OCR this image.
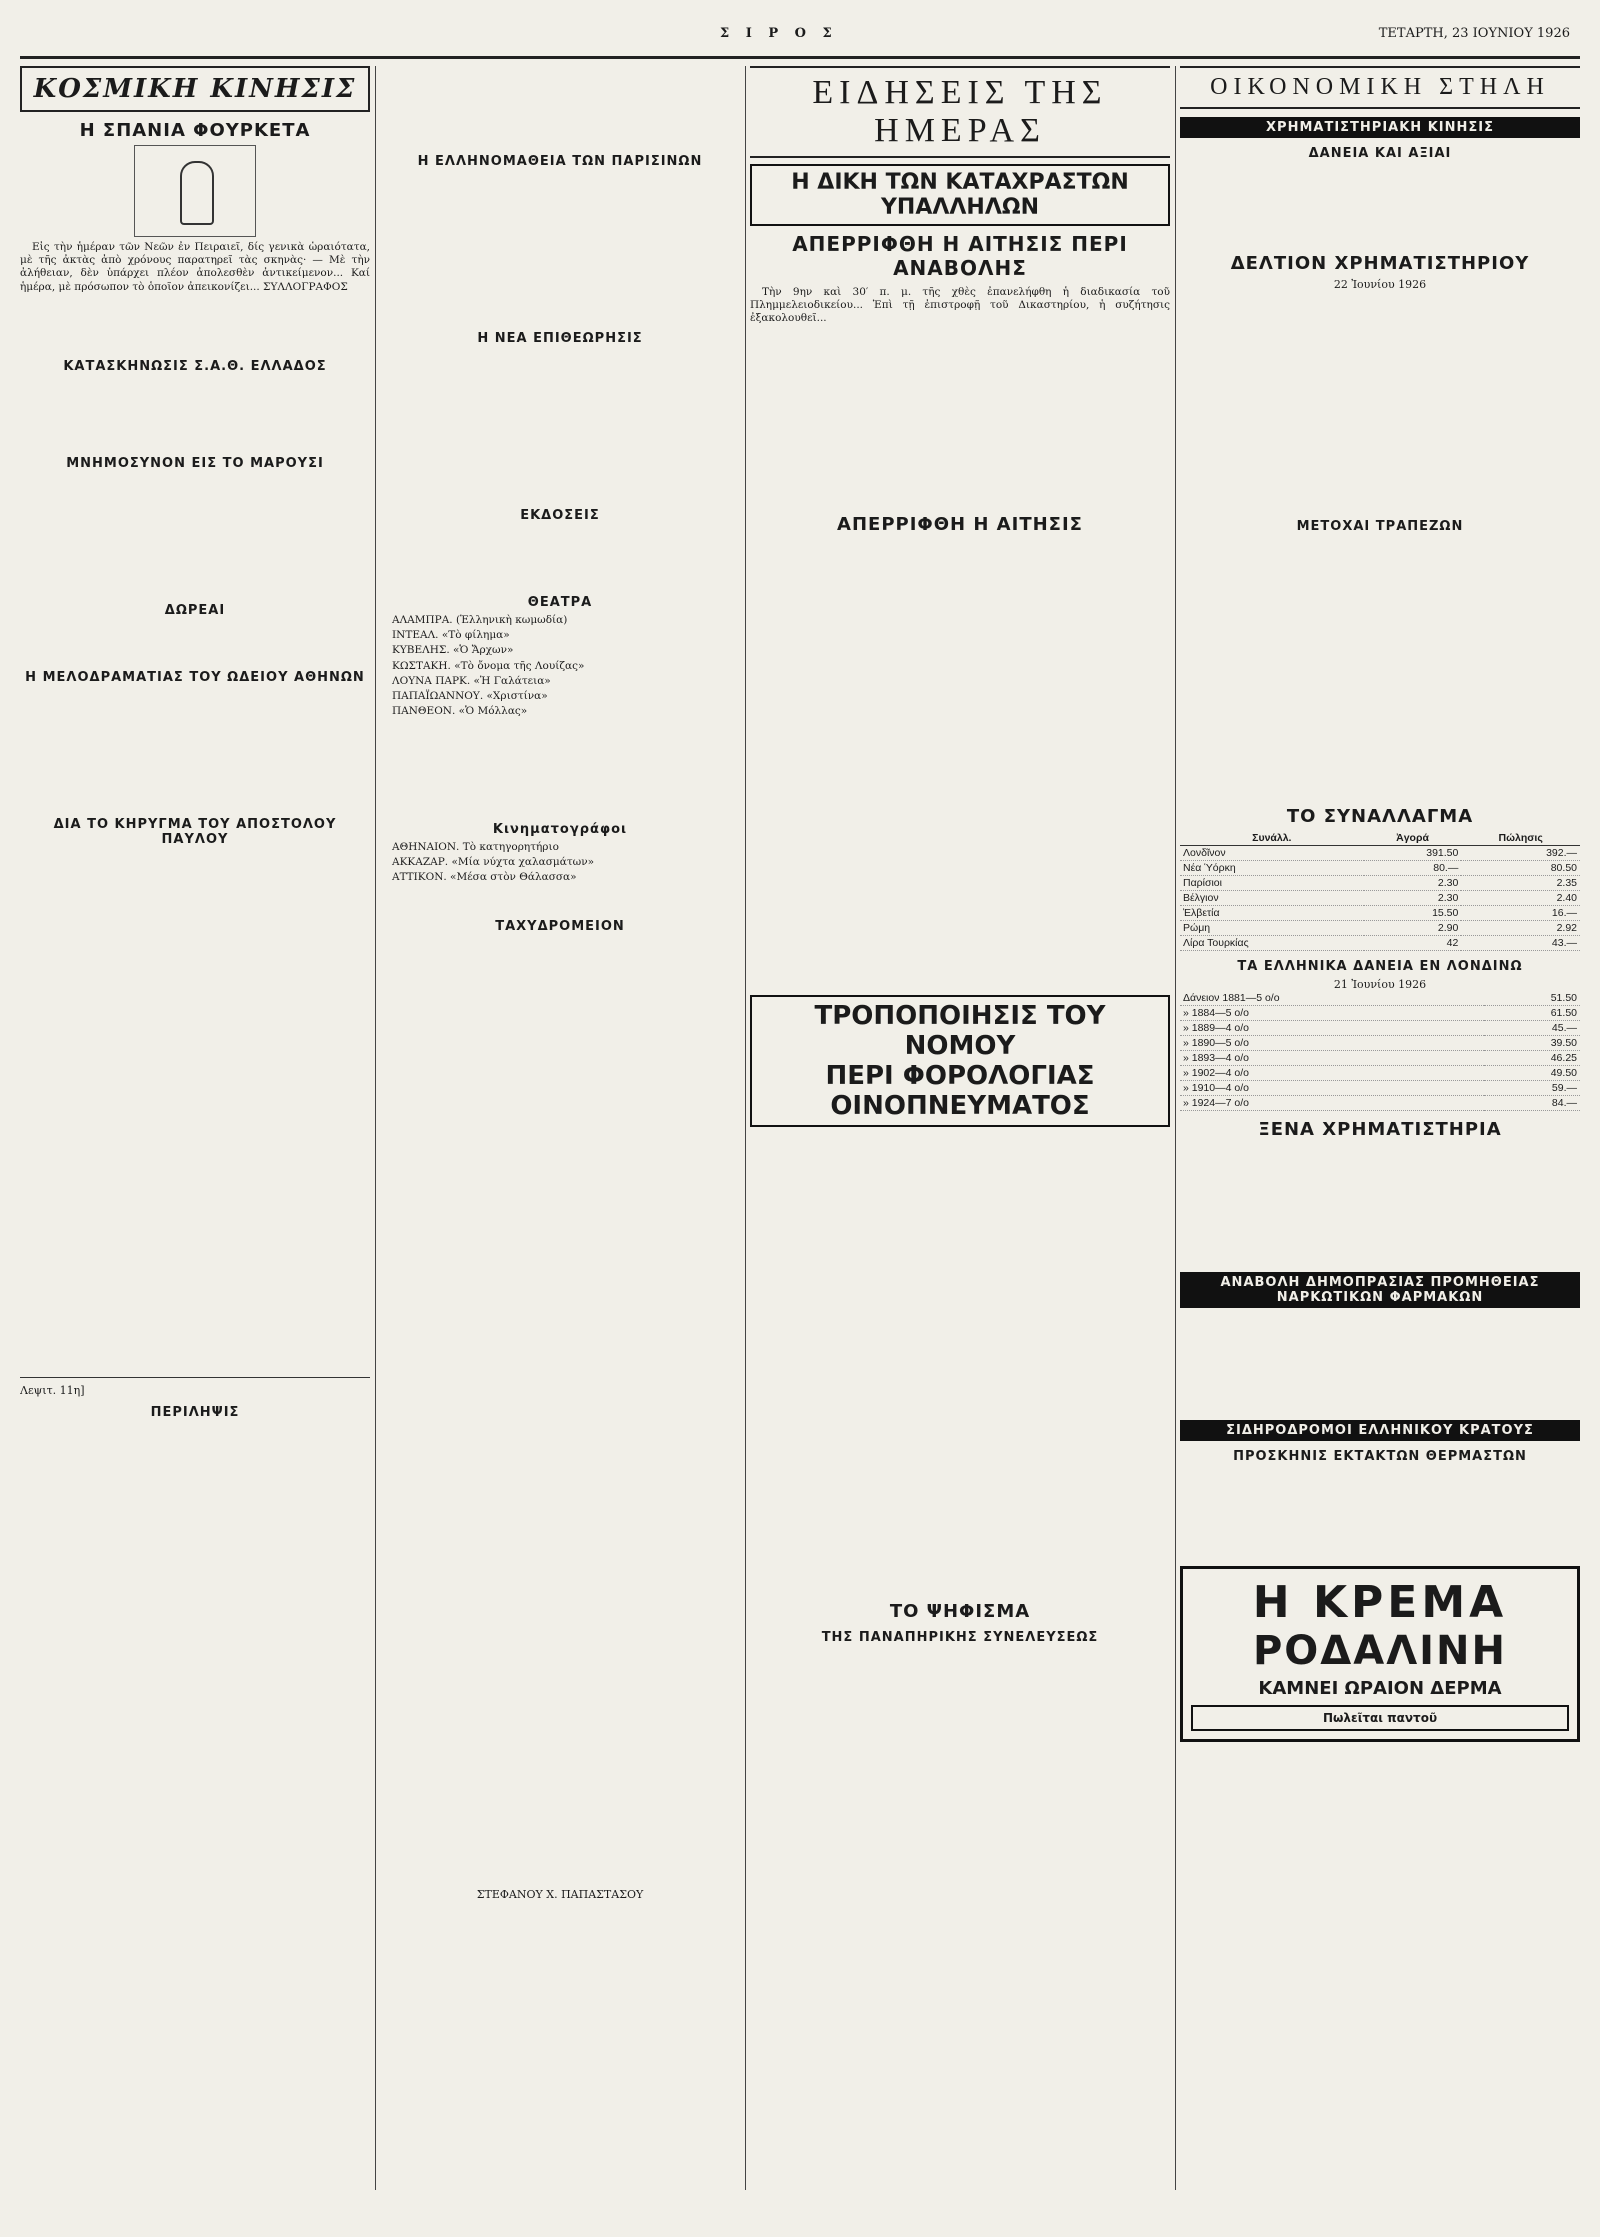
Σ Ι Ρ Ο Σ	ΤΕΤΑΡΤΗ, 23 ΙΟΥΝΙΟΥ 1926
ΚΟΣΜΙΚΗ ΚΙΝΗΣΙΣ
Η ΣΠΑΝΙΑ ΦΟΥΡΚΕΤΑ

Εἰς τὴν ἡμέραν τῶν Νεῶν ἐν Πειραιεῖ, δίς γενικὰ ὡραιότατα, μὲ τῆς ἀκτὰς ἀπὸ χρόνους παρατηρεῖ τὰς σκηνὰς· — Μὲ τὴν ἀλήθειαν, δὲν ὑπάρχει πλέον ἀπολεσθὲν ἀντικείμενον... Καί ἡμέρα, μὲ πρόσωπον τὸ ὁποῖον ἀπεικονίζει... ΣΥΛΛΟΓΡΑΦΟΣ

ΚΑΤΑΣΚΗΝΩΣΙΣ Σ.Α.Θ. ΕΛΛΑΔΟΣ
ΜΝΗΜΟΣΥΝΟΝ ΕΙΣ ΤΟ ΜΑΡΟΥΣΙ
ΔΩΡΕΑΙ
Η ΜΕΛΟΔΡΑΜΑΤΙΑΣ ΤΟΥ ΩΔΕΙΟΥ ΑΘΗΝΩΝ
ΔΙΑ ΤΟ ΚΗΡΥΓΜΑ ΤΟΥ ΑΠΟΣΤΟΛΟΥ ΠΑΥΛΟΥ
Λεψιτ. 11η]
ΠΕΡΙΛΗΨΙΣ
Η ΕΛΛΗΝΟΜΑΘΕΙΑ ΤΩΝ ΠΑΡΙΣΙΝΩΝ
Η ΝΕΑ ΕΠΙΘΕΩΡΗΣΙΣ
ΕΚΔΟΣΕΙΣ
ΘΕΑΤΡΑ

ΑΛΑΜΠΡΑ. (Ἑλληνικὴ κωμωδία)

ΙΝΤΕΑΛ. «Τὸ φίλημα»

ΚΥΒΕΛΗΣ. «Ὁ Ἄρχων»

ΚΩΣΤΑΚΗ. «Τὸ ὄνομα τῆς Λουίζας»

ΛΟΥΝΑ ΠΑΡΚ. «Ἡ Γαλάτεια»

ΠΑΠΑΪΩΑΝΝΟΥ. «Χριστίνα»

ΠΑΝΘΕΟΝ. «Ὁ Μόλλας»

Κινηματογράφοι

ΑΘΗΝΑΙΟΝ. Τὸ κατηγορητήριο

ΑΚΚΑΖΑΡ. «Μία νύχτα χαλασμάτων»

ΑΤΤΙΚΟΝ. «Μέσα στὸν Θάλασσα»

ΤΑΧΥΔΡΟΜΕΙΟΝ
ΣΤΕΦΑΝΟΥ Χ. ΠΑΠΑΣΤΑΣΟΥ
ΕΙΔΗΣΕΙΣ ΤΗΣ ΗΜΕΡΑΣ
Η ΔΙΚΗ ΤΩΝ ΚΑΤΑΧΡΑΣΤΩΝ ΥΠΑΛΛΗΛΩΝ
ΑΠΕΡΡΙΦΘΗ Η ΑΙΤΗΣΙΣ ΠΕΡΙ ΑΝΑΒΟΛΗΣ

Τὴν 9ην καὶ 30′ π. μ. τῆς χθὲς ἐπανελήφθη ἡ διαδικασία τοῦ Πλημμελειοδικείου... Ἐπὶ τῇ ἐπιστροφῇ τοῦ Δικαστηρίου, ἡ συζήτησις ἐξακολουθεῖ...

ΑΠΕΡΡΙΦΘΗ Η ΑΙΤΗΣΙΣ
ΤΡΟΠΟΠΟΙΗΣΙΣ ΤΟΥ ΝΟΜΟΥ
ΠΕΡΙ ΦΟΡΟΛΟΓΙΑΣ ΟΙΝΟΠΝΕΥΜΑΤΟΣ
ΤΟ ΨΗΦΙΣΜΑ
ΤΗΣ ΠΑΝΑΠΗΡΙΚΗΣ ΣΥΝΕΛΕΥΣΕΩΣ
ΟΙΚΟΝΟΜΙΚΗ ΣΤΗΛΗ
ΧΡΗΜΑΤΙΣΤΗΡΙΑΚΗ ΚΙΝΗΣΙΣ
ΔΑΝΕΙΑ ΚΑΙ ΑΞΙΑΙ
ΔΕΛΤΙΟΝ ΧΡΗΜΑΤΙΣΤΗΡΙΟΥ
22 Ἰουνίου 1926
ΜΕΤΟΧΑΙ ΤΡΑΠΕΖΩΝ
ΤΟ ΣΥΝΑΛΛΑΓΜΑ
Συνάλλ.	Ἀγορά	Πώλησις
Λονδῖνον	391.50	392.—
Νέα Ὑόρκη	80.—	80.50
Παρίσιοι	2.30	2.35
Βέλγιον	2.30	2.40
Ἑλβετία	15.50	16.—
Ρώμη	2.90	2.92
Λίρα Τουρκίας	42	43.—
ΤΑ ΕΛΛΗΝΙΚΑ ΔΑΝΕΙΑ ΕΝ ΛΟΝΔΙΝΩ
21 Ἰουνίου 1926
Δάνειον 1881—5 ο/ο	51.50
» 1884—5 ο/ο	61.50
» 1889—4 ο/ο	45.—
» 1890—5 ο/ο	39.50
» 1893—4 ο/ο	46.25
» 1902—4 ο/ο	49.50
» 1910—4 ο/ο	59.—
» 1924—7 ο/ο	84.—
ΞΕΝΑ ΧΡΗΜΑΤΙΣΤΗΡΙΑ
ΑΝΑΒΟΛΗ ΔΗΜΟΠΡΑΣΙΑΣ ΠΡΟΜΗΘΕΙΑΣ ΝΑΡΚΩΤΙΚΩΝ ΦΑΡΜΑΚΩΝ
ΣΙΔΗΡΟΔΡΟΜΟΙ ΕΛΛΗΝΙΚΟΥ ΚΡΑΤΟΥΣ
ΠΡΟΣΚΗΝΙΣ ΕΚΤΑΚΤΩΝ ΘΕΡΜΑΣΤΩΝ
Η ΚΡΕΜΑ
ΡΟΔΑΛΙΝΗ
ΚΑΜΝΕΙ ΩΡΑΙΟΝ ΔΕΡΜΑ
Πωλεῖται παντοῦ
